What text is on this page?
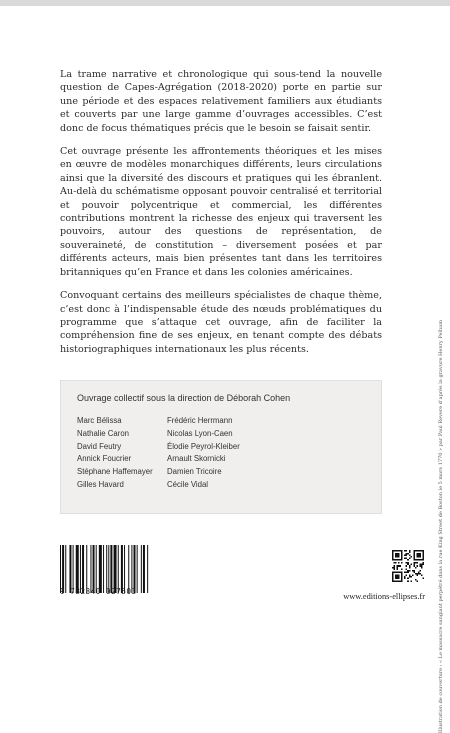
La trame narrative et chronologique qui sous-tend la nouvelle question de Capes-Agrégation (2018-2020) porte en partie sur une période et des espaces relativement familiers aux étudiants et couverts par une large gamme d’ouvrages accessibles. C’est donc de focus thématiques précis que le besoin se faisait sentir.

Cet ouvrage présente les affrontements théoriques et les mises en œuvre de modèles monarchiques différents, leurs circulations ainsi que la diversité des discours et pratiques qui les ébranlent. Au-delà du schématisme opposant pouvoir centralisé et territorial et pouvoir polycentrique et commercial, les différentes contributions montrent la richesse des enjeux qui traversent les pouvoirs, autour des questions de représentation, de souveraineté, de constitution – diversement posées et par différents acteurs, mais bien présentes tant dans les territoires britanniques qu’en France et dans les colonies américaines.

Convoquant certains des meilleurs spécialistes de chaque thème, c’est donc à l’indispensable étude des nœuds problématiques du programme que s’attaque cet ouvrage, afin de faciliter la compréhension fine de ses enjeux, en tenant compte des débats historiographiques internationaux les plus récents.

Ouvrage collectif sous la direction de Déborah Cohen
Marc Bélissa	Frédéric Herrmann
Nathalie Caron	Nicolas Lyon-Caen
David Feutry	Élodie Peyrol-Kleiber
Annick Foucrier	Arnault Skornicki
Stéphane Haffemayer	Damien Tricoire
Gilles Havard	Cécile Vidal	Illustration de couverture : « Le massacre sanglant perpétré dans la rue King Street de Boston le 5 mars 1770 » par Paul Revere d’après la gravure Henry Pelham
9 782340 027503
www.editions-ellipses.fr
